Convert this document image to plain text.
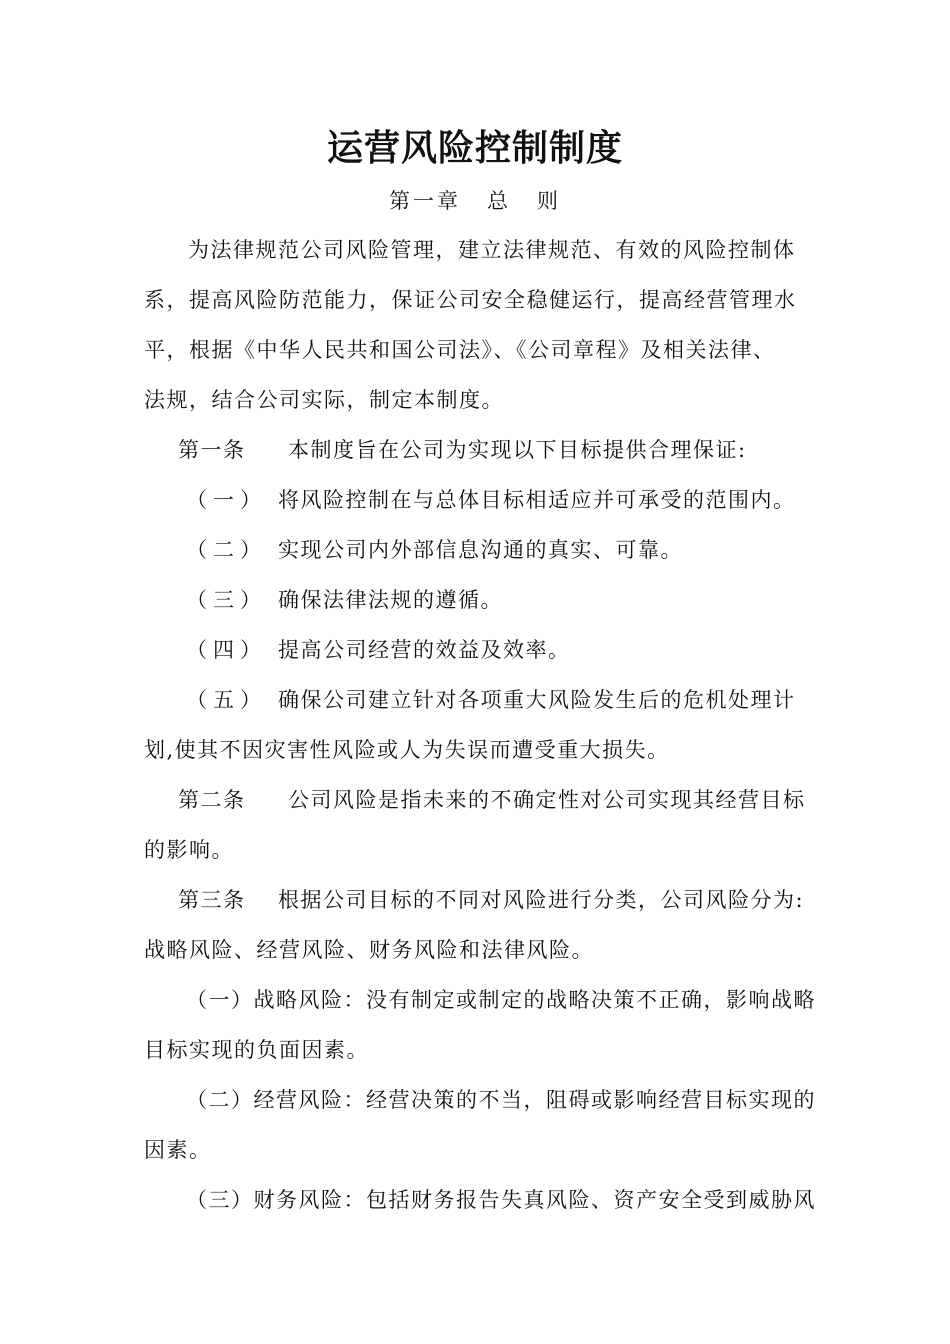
运营风险控制制度
第一章 总 则
为法律规范公司风险管理，建立法律规范、有效的风险控制体
系，提高风险防范能力，保证公司安全稳健运行，提高经营管理水
平，根据《中华人民共和国公司法》、《公司章程》及相关法律、
法规，结合公司实际，制定本制度。
第一条 本制度旨在公司为实现以下目标提供合理保证:
（一） 将风险控制在与总体目标相适应并可承受的范围内。
（二） 实现公司内外部信息沟通的真实、可靠。
（三） 确保法律法规的遵循。
（四） 提高公司经营的效益及效率。
（五） 确保公司建立针对各项重大风险发生后的危机处理计
划,使其不因灾害性风险或人为失误而遭受重大损失。
第二条 公司风险是指未来的不确定性对公司实现其经营目标
的影响。
第三条 根据公司目标的不同对风险进行分类，公司风险分为:
战略风险、经营风险、财务风险和法律风险。
（一）战略风险：没有制定或制定的战略决策不正确，影响战略
目标实现的负面因素。
（二）经营风险：经营决策的不当，阻碍或影响经营目标实现的
因素。
（三）财务风险：包括财务报告失真风险、资产安全受到威胁风
